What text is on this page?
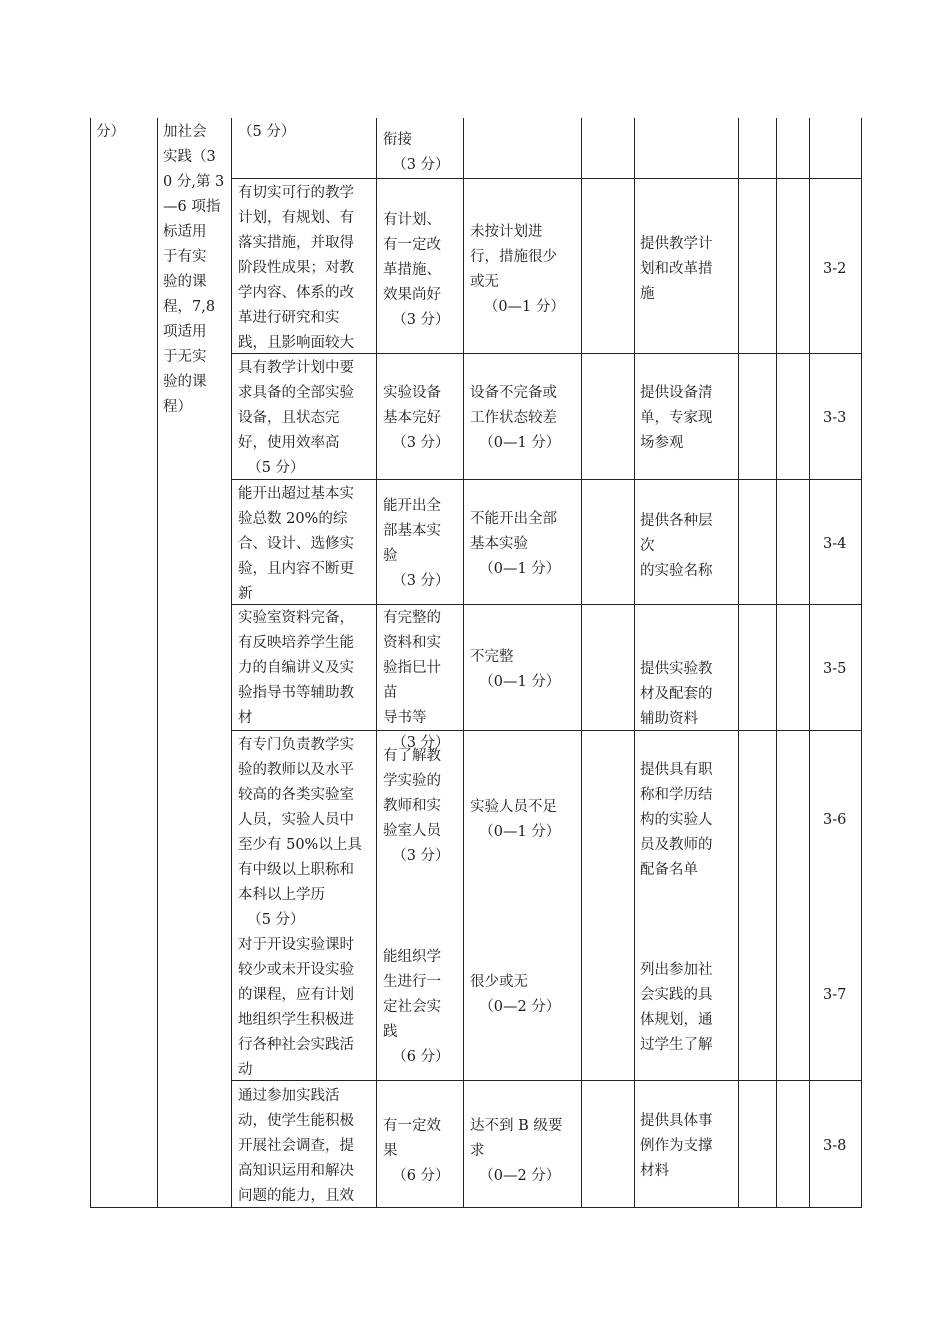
分）	加社会
实践（3
0 分,第 3
—6 项指
标适用
于有实
验的课
程，7,8
项适用
于无实
验的课
程）
（5 分）	衔接
（3 分）
有切实可行的教学
计划，有规划、有
落实措施，并取得
阶段性成果；对教
学内容、体系的改
革进行研究和实
践，且影响面较大
有计划、
有一定改
革措施、
效果尚好
（3 分）
未按计划进
行，措施很少
或无
（0—1 分）
提供教学计
划和改革措
施
3-2
具有教学计划中要
求具备的全部实验
设备，且状态完
好，使用效率高
（5 分）
实验设备
基本完好
（3 分）
设备不完备或
工作状态较差
（0—1 分）
提供设备清
单，专家现
场参观
3-3
能开出超过基本实
验总数 20%的综
合、设计、选修实
验，且内容不断更
新
能开出全
部基本实
验
（3 分）
不能开出全部
基本实验
（0—1 分）
提供各种层
次
的实验名称
3-4
实验室资料完备，
有反映培养学生能
力的自编讲义及实
验指导书等辅助教
材
有完整的
资料和实
验指巳卄
苗
导书等
（3 分）
不完整
（0—1 分）
提供实验教
材及配套的
辅助资料
3-5
有专门负责教学实
验的教师以及水平
较高的各类实验室
人员，实验人员中
至少有 50%以上具
有中级以上职称和
本科以上学历
（5 分）
有了解教
学实验的
教师和实
验室人员
（3 分）
实验人员不足
（0—1 分）
提供具有职
称和学历结
构的实验人
员及教师的
配备名单
3-6
对于开设实验课时
较少或未开设实验
的课程，应有计划
地组织学生积极进
行各种社会实践活
动
能组织学
生进行一
定社会实
践
（6 分）
很少或无
（0—2 分）
列出参加社
会实践的具
体规划，通
过学生了解
3-7
通过参加实践活
动，使学生能积极
开展社会调查，提
高知识运用和解决
问题的能力，且效
有一定效
果
（6 分）
达不到 B 级要
求
（0—2 分）
提供具体事
例作为支撑
材料
3-8
